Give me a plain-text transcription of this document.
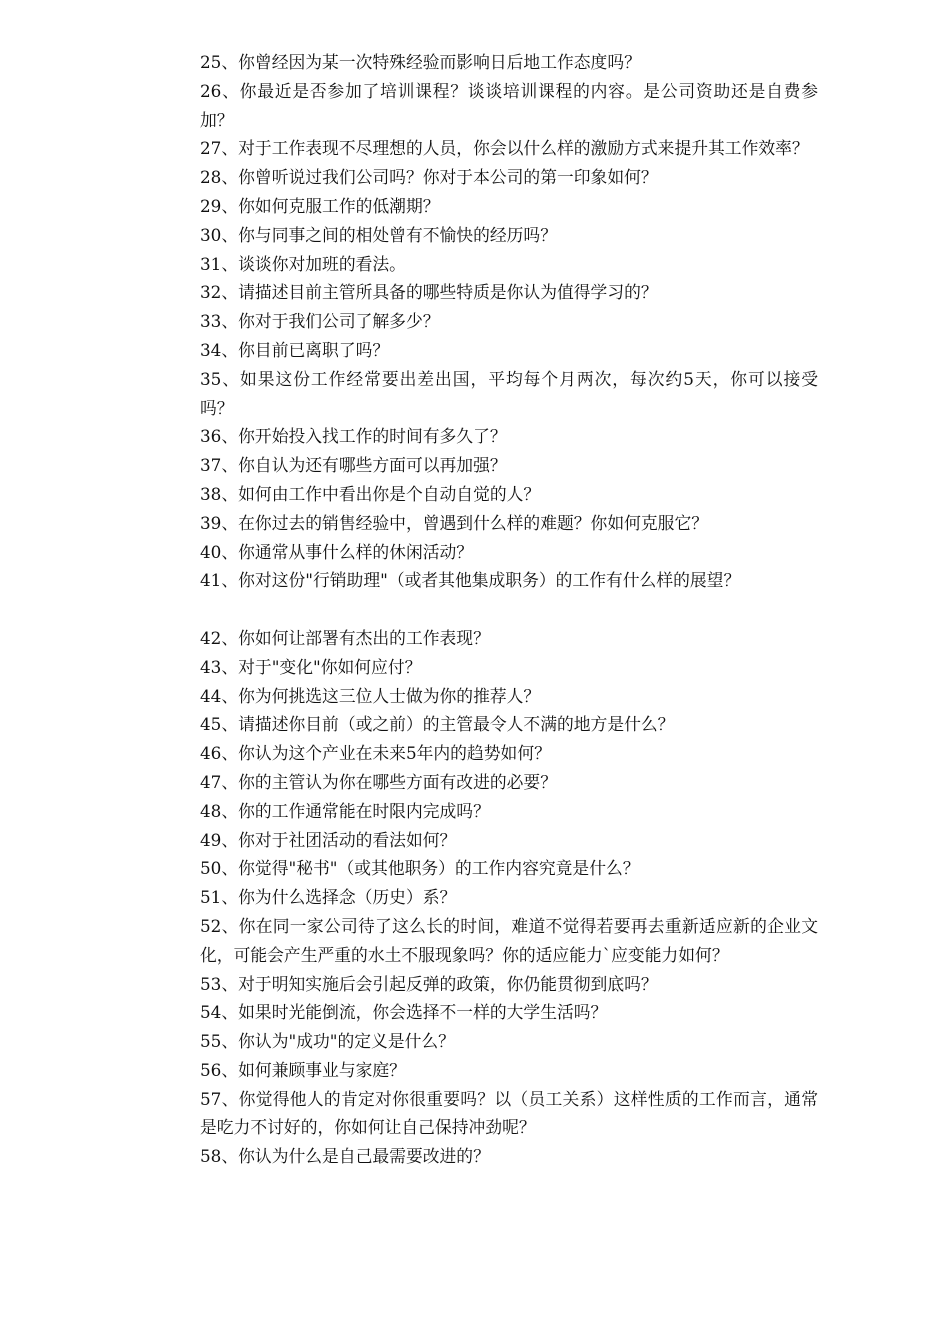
25、你曾经因为某一次特殊经验而影响日后地工作态度吗？

26、你最近是否参加了培训课程？谈谈培训课程的内容。是公司资助还是自费参加？

27、对于工作表现不尽理想的人员，你会以什么样的激励方式来提升其工作效率？

28、你曾听说过我们公司吗？你对于本公司的第一印象如何？

29、你如何克服工作的低潮期？

30、你与同事之间的相处曾有不愉快的经历吗？

31、谈谈你对加班的看法。

32、请描述目前主管所具备的哪些特质是你认为值得学习的？

33、你对于我们公司了解多少？

34、你目前已离职了吗？

35、如果这份工作经常要出差出国，平均每个月两次，每次约5天，你可以接受吗？

36、你开始投入找工作的时间有多久了？

37、你自认为还有哪些方面可以再加强？

38、如何由工作中看出你是个自动自觉的人？

39、在你过去的销售经验中，曾遇到什么样的难题？你如何克服它？

40、你通常从事什么样的休闲活动？

41、你对这份"行销助理"（或者其他集成职务）的工作有什么样的展望？

42、你如何让部署有杰出的工作表现？

43、对于"变化"你如何应付？

44、你为何挑选这三位人士做为你的推荐人？

45、请描述你目前（或之前）的主管最令人不满的地方是什么？

46、你认为这个产业在未来5年内的趋势如何？

47、你的主管认为你在哪些方面有改进的必要？

48、你的工作通常能在时限内完成吗？

49、你对于社团活动的看法如何？

50、你觉得"秘书"（或其他职务）的工作内容究竟是什么？

51、你为什么选择念（历史）系？

52、你在同一家公司待了这么长的时间，难道不觉得若要再去重新适应新的企业文化，可能会产生严重的水土不服现象吗？你的适应能力`应变能力如何？

53、对于明知实施后会引起反弹的政策，你仍能贯彻到底吗？

54、如果时光能倒流，你会选择不一样的大学生活吗？

55、你认为"成功"的定义是什么？

56、如何兼顾事业与家庭？

57、你觉得他人的肯定对你很重要吗？以（员工关系）这样性质的工作而言，通常是吃力不讨好的，你如何让自己保持冲劲呢？

58、你认为什么是自己最需要改进的？
